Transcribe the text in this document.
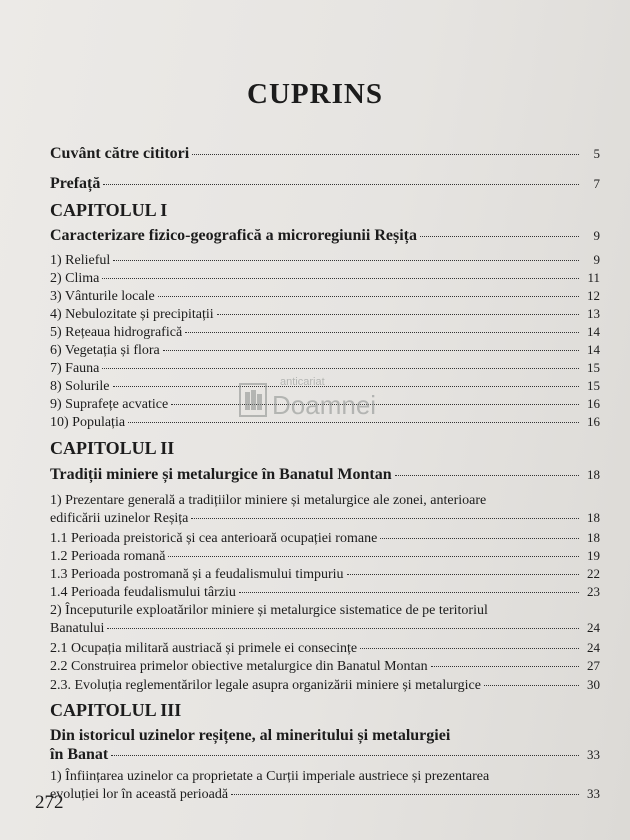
CUPRINS
Cuvânt către cititori	5
Prefață	7
CAPITOLUL I
Caracterizare fizico-geografică a microregiunii Reșița	9
1) Relieful	9
2) Clima	11
3) Vânturile locale	12
4) Nebulozitate și precipitații	13
5) Rețeaua hidrografică	14
6) Vegetația și flora	14
7) Fauna	15
8) Solurile	15
9) Suprafețe acvatice	16
10) Populația	16
CAPITOLUL II
Tradiții miniere și metalurgice în Banatul Montan	18
1) Prezentare generală a tradițiilor miniere și metalurgice ale zonei, anterioare
edificării uzinelor Reșița	18
1.1 Perioada preistorică și cea anterioară ocupației romane	18
1.2 Perioada romană	19
1.3 Perioada postromană și a feudalismului timpuriu	22
1.4 Perioada feudalismului târziu	23
2) Începuturile exploatărilor miniere și metalurgice sistematice de pe teritoriul
Banatului	24
2.1 Ocupația militară austriacă și primele ei consecințe	24
2.2 Construirea primelor obiective metalurgice din Banatul Montan	27
2.3. Evoluția reglementărilor legale asupra organizării miniere și metalurgice	30
CAPITOLUL III
Din istoricul uzinelor reșițene, al mineritului și metalurgiei
în Banat	33
1) Înființarea uzinelor ca proprietate a Curții imperiale austriece și prezentarea
evoluției lor în această perioadă	33
anticariat
Doamnei
272
